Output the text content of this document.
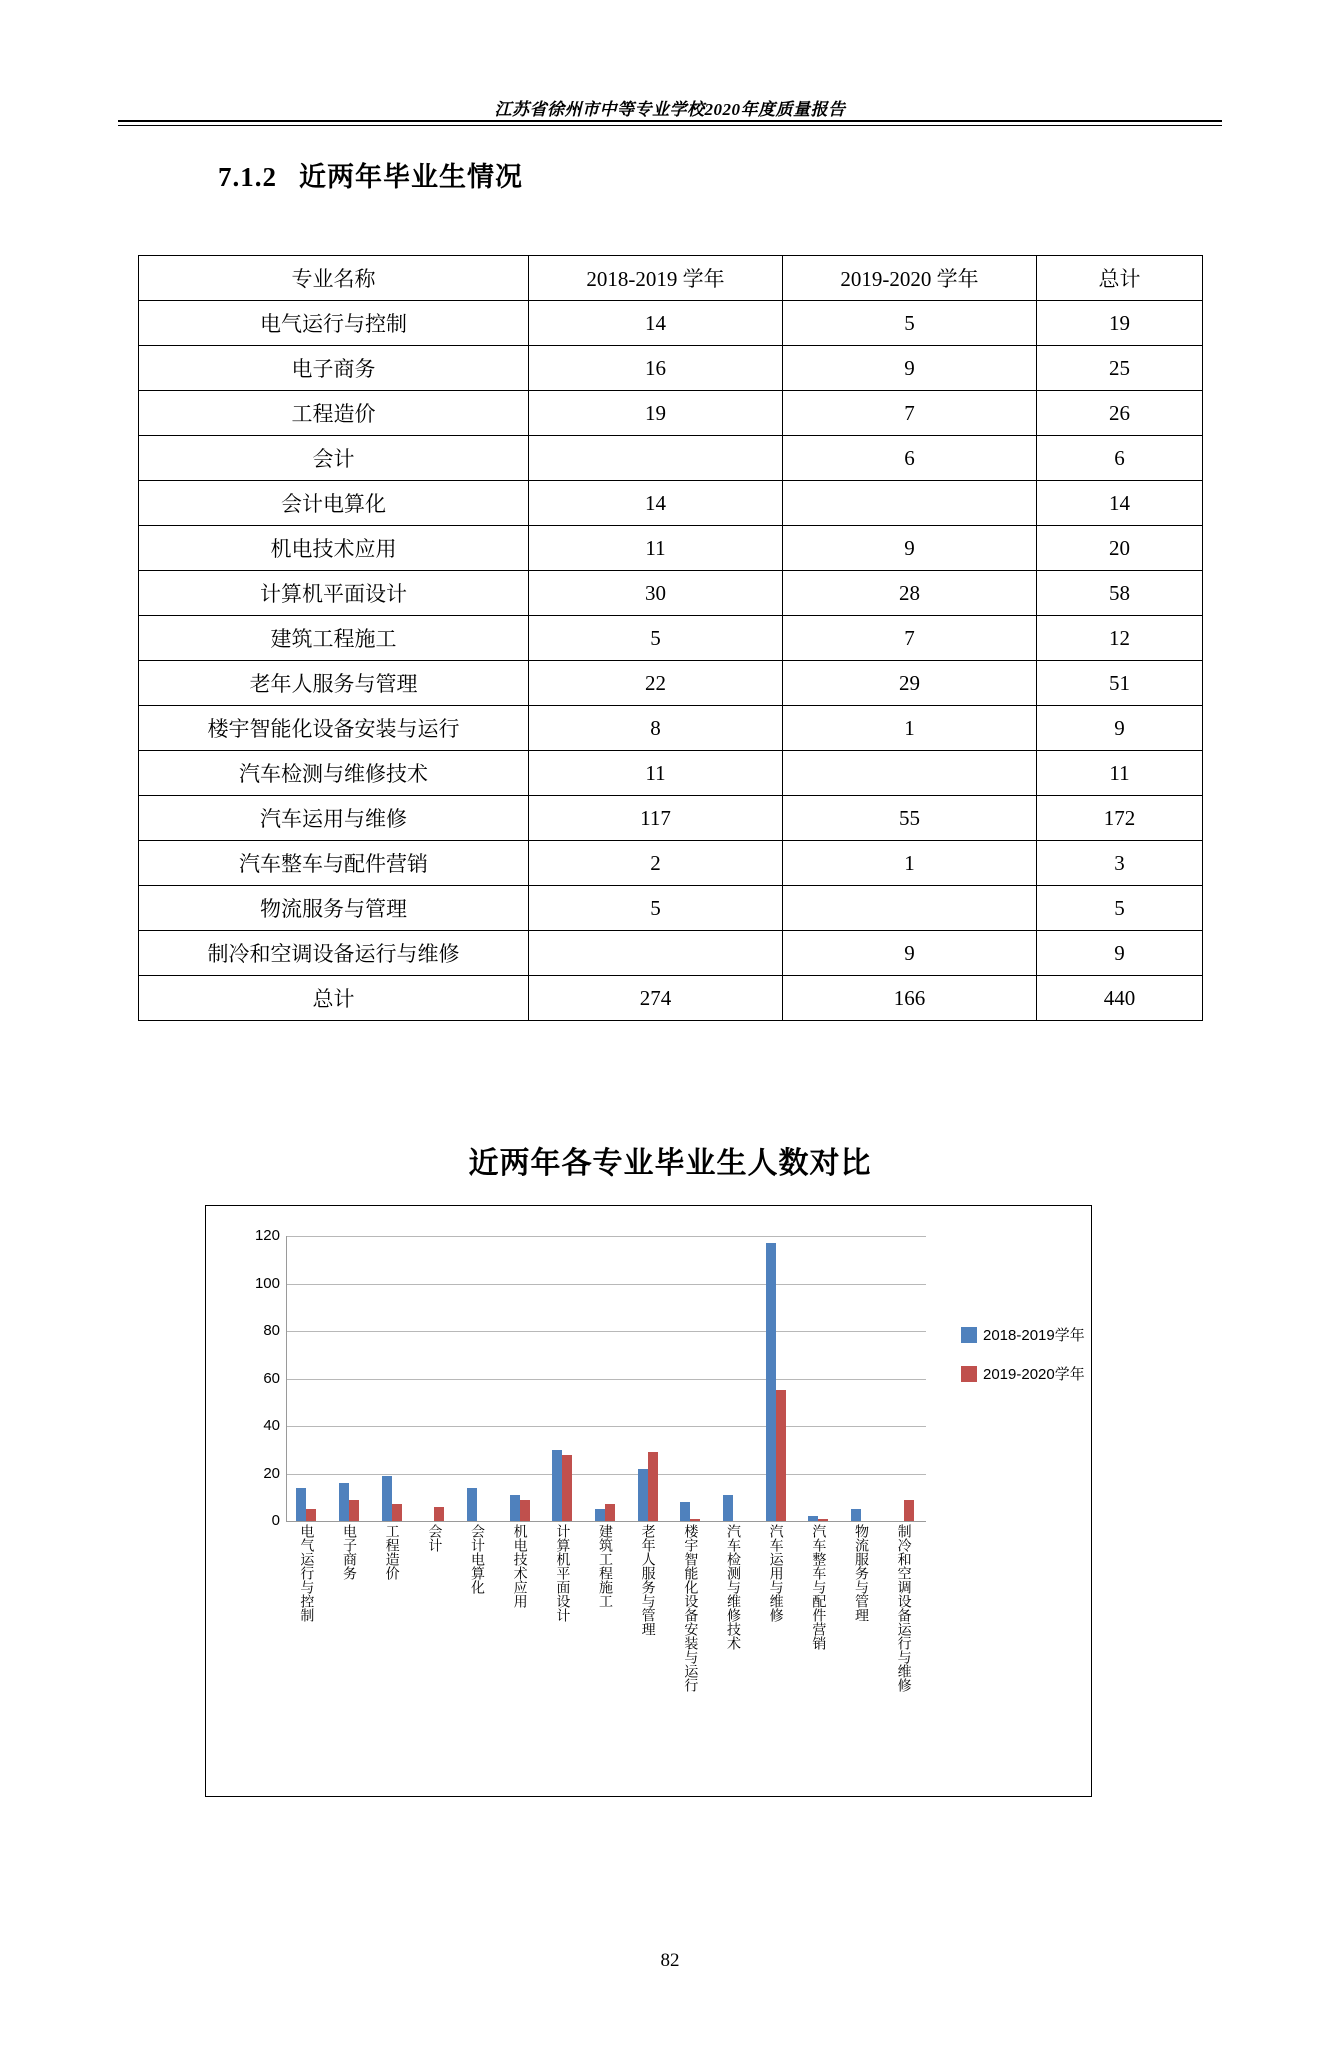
江苏省徐州市中等专业学校2020年度质量报告
7.1.2 近两年毕业生情况
专业名称	2018-2019 学年	2019-2020 学年	总计
电气运行与控制	14	5	19
电子商务	16	9	25
工程造价	19	7	26
会计		6	6
会计电算化	14		14
机电技术应用	11	9	20
计算机平面设计	30	28	58
建筑工程施工	5	7	12
老年人服务与管理	22	29	51
楼宇智能化设备安装与运行	8	1	9
汽车检测与维修技术	11		11
汽车运用与维修	117	55	172
汽车整车与配件营销	2	1	3
物流服务与管理	5		5
制冷和空调设备运行与维修		9	9
总计	274	166	440
近两年各专业毕业生人数对比
0
20
40
60
80
100
120
电气运行与控制 电子商务 工程造价 会计 会计电算化 机电技术应用 计算机平面设计 建筑工程施工 老年人服务与管理 楼宇智能化设备安装与运行 汽车检测与维修技术 汽车运用与维修 汽车整车与配件营销 物流服务与管理 制冷和空调设备运行与维修
2018-2019学年
2019-2020学年
82
